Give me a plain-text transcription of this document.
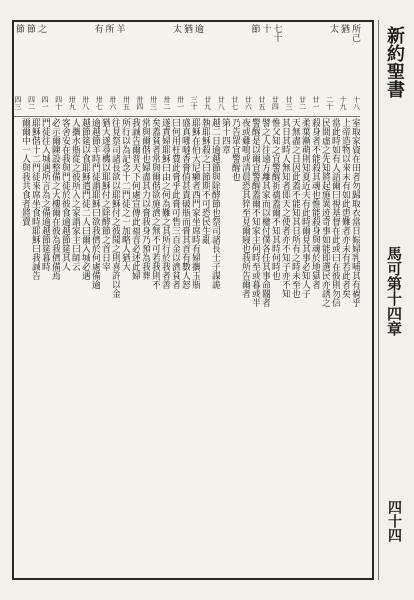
新約聖書
馬可第十四章
四十四
所己
猶
太
七十
十
節
逾
猶
太
羊
所
有
之
節
節
十八
十九
二十
廿一
廿二
廿三
廿四
廿五
廿六
廿七
廿八
廿九
三十
卅一
卅二
卅三
卅四
卅五
卅六
卅七
卅八
卅九
四十
四一
四二
四三
室取家資在田者勿歸取衣當日娠婦乳哺其有禍乎
上帝造物以來未有如此患難者亦未有若此者矣
當此時如有人語爾曰視基督在此或曰在彼則勿信
民間虛之先知將起施異迹奇事如能即選民亦誘之
殺身者不能殺其魂也惟能殺身與魂於地獄者
柔葉漸萌則知夏近夫有此時爾見其事必知人子
天無盡之日因此蓋不能知其日所有之時未至也
其日其時人無知者即天之使者亦不知子亦不知
惟父知之宜警醒祈禱蓋爾不知其時何時也
譬之人往遠方離其家而以權付僕各任其事命閽者
警醒是以爾宜警醒蓋爾不知家主何時至或暮或半
夜或雞鳴或清晨恐其猝至見爾寢也我所告爾者
乃告眾宜警醒也
第十四章
越二日逾越節與除酵節也祭司諸長士子謀詭
執耶穌殺之曰節期不可恐民生亂
耶穌在伯大尼癩者西門家坐席時有婦攜玉瓶
盛真哪噠香膏值甚貴破瓶而膏其首有數人怒
曰何用枉費此膏乎此膏可售三百金以濟貧者
遂責婦耶穌曰由之何為難之其所行於我者善
矣蓋貧者常與爾偕欲施濟之無不可若我則不
常與爾偕也婦盡其力以膏我身乃預為我葬
我誠告爾普天下何處宣傳此福音必述此婦
所行以為記念十二門徒之一加略人猶大
往見祭司諸長欲以耶穌付之彼聞之則喜許以金
猶大遂尋機以耶穌付之除酵節之首日宰
逾越節羊時門徒謂耶穌曰欲我儕於何處備逾
越節筵以食耶穌遣門徒二人曰爾入城必遇
人攜水瓶從之彼所入之家謂家主曰師云
客舍安在我與門徒於彼食逾越節筵其人
必示爾陳設整備之大樓爾在彼為我儕備焉
門徒往入城遇所言為之備逾越節筵暮時
耶穌偕十二門徒來席坐食時耶穌曰我誠告
爾爾中一人與我共食者將賣
